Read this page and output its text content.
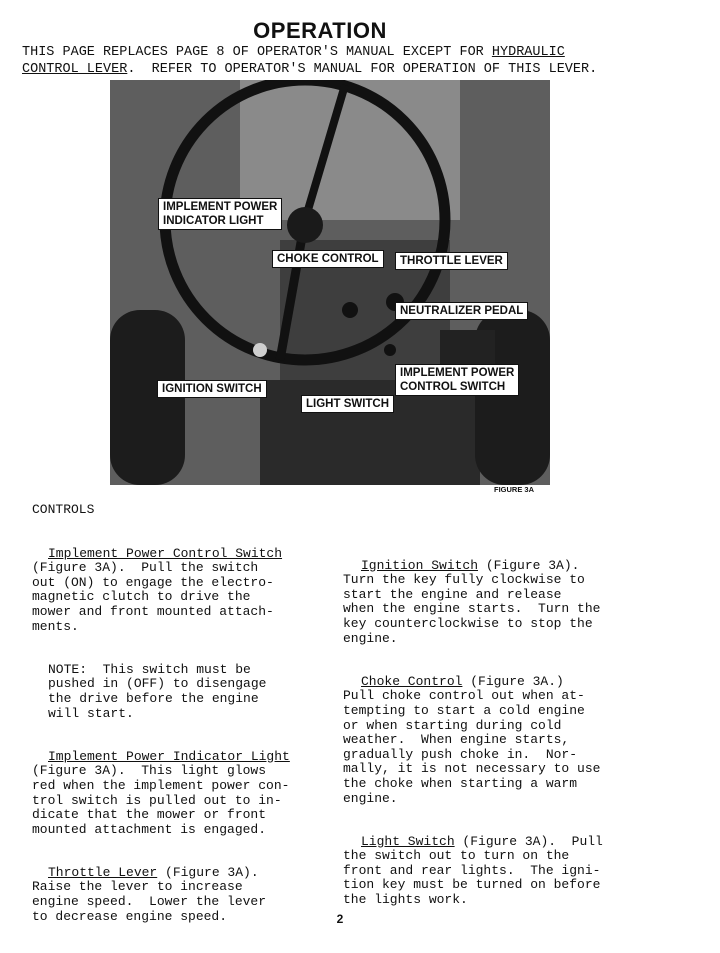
OPERATION
THIS PAGE REPLACES PAGE 8 OF OPERATOR'S MANUAL EXCEPT FOR HYDRAULIC
CONTROL LEVER.  REFER TO OPERATOR'S MANUAL FOR OPERATION OF THIS LEVER.
IMPLEMENT POWER
INDICATOR LIGHT
CHOKE CONTROL	THROTTLE LEVER
NEUTRALIZER PEDAL
IMPLEMENT POWER
CONTROL SWITCH
IGNITION SWITCH
LIGHT SWITCH
FIGURE 3A
CONTROLS

Implement Power Control Switch
(Figure 3A).  Pull the switch
out (ON) to engage the electro-
magnetic clutch to drive the
mower and front mounted attach-
ments.

NOTE:  This switch must be
pushed in (OFF) to disengage
the drive before the engine
will start.

Implement Power Indicator Light
(Figure 3A).  This light glows
red when the implement power con-
trol switch is pulled out to in-
dicate that the mower or front
mounted attachment is engaged.

Throttle Lever (Figure 3A).
Raise the lever to increase
engine speed.  Lower the lever
to decrease engine speed.

Ignition Switch (Figure 3A).
Turn the key fully clockwise to
start the engine and release
when the engine starts.  Turn the
key counterclockwise to stop the
engine.

Choke Control (Figure 3A.)
Pull choke control out when at-
tempting to start a cold engine
or when starting during cold
weather.  When engine starts,
gradually push choke in.  Nor-
mally, it is not necessary to use
the choke when starting a warm
engine.

Light Switch (Figure 3A).  Pull
the switch out to turn on the
front and rear lights.  The igni-
tion key must be turned on before
the lights work.

2
